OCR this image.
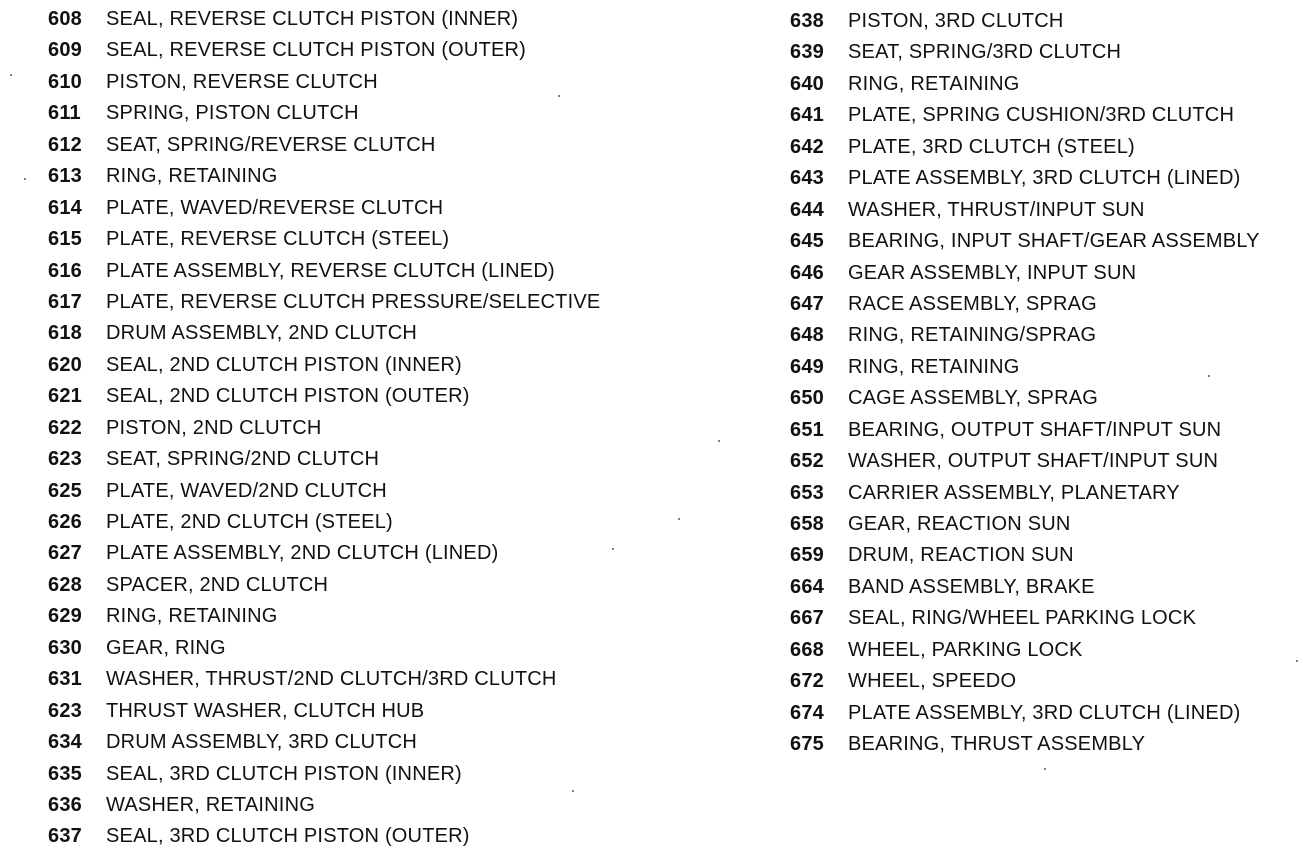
608 SEAL, REVERSE CLUTCH PISTON (INNER)
609 SEAL, REVERSE CLUTCH PISTON (OUTER)
610 PISTON, REVERSE CLUTCH
611 SPRING, PISTON CLUTCH
612 SEAT, SPRING/REVERSE CLUTCH
613 RING, RETAINING
614 PLATE, WAVED/REVERSE CLUTCH
615 PLATE, REVERSE CLUTCH (STEEL)
616 PLATE ASSEMBLY, REVERSE CLUTCH (LINED)
617 PLATE, REVERSE CLUTCH PRESSURE/SELECTIVE
618 DRUM ASSEMBLY, 2ND CLUTCH
620 SEAL, 2ND CLUTCH PISTON (INNER)
621 SEAL, 2ND CLUTCH PISTON (OUTER)
622 PISTON, 2ND CLUTCH
623 SEAT, SPRING/2ND CLUTCH
625 PLATE, WAVED/2ND CLUTCH
626 PLATE, 2ND CLUTCH (STEEL)
627 PLATE ASSEMBLY, 2ND CLUTCH (LINED)
628 SPACER, 2ND CLUTCH
629 RING, RETAINING
630 GEAR, RING
631 WASHER, THRUST/2ND CLUTCH/3RD CLUTCH
623 THRUST WASHER, CLUTCH HUB
634 DRUM ASSEMBLY, 3RD CLUTCH
635 SEAL, 3RD CLUTCH PISTON (INNER)
636 WASHER, RETAINING
637 SEAL, 3RD CLUTCH PISTON (OUTER)
638 PISTON, 3RD CLUTCH
639 SEAT, SPRING/3RD CLUTCH
640 RING, RETAINING
641 PLATE, SPRING CUSHION/3RD CLUTCH
642 PLATE, 3RD CLUTCH (STEEL)
643 PLATE ASSEMBLY, 3RD CLUTCH (LINED)
644 WASHER, THRUST/INPUT SUN
645 BEARING, INPUT SHAFT/GEAR ASSEMBLY
646 GEAR ASSEMBLY, INPUT SUN
647 RACE ASSEMBLY, SPRAG
648 RING, RETAINING/SPRAG
649 RING, RETAINING
650 CAGE ASSEMBLY, SPRAG
651 BEARING, OUTPUT SHAFT/INPUT SUN
652 WASHER, OUTPUT SHAFT/INPUT SUN
653 CARRIER ASSEMBLY, PLANETARY
658 GEAR, REACTION SUN
659 DRUM, REACTION SUN
664 BAND ASSEMBLY, BRAKE
667 SEAL, RING/WHEEL PARKING LOCK
668 WHEEL, PARKING LOCK
672 WHEEL, SPEEDO
674 PLATE ASSEMBLY, 3RD CLUTCH (LINED)
675 BEARING, THRUST ASSEMBLY
